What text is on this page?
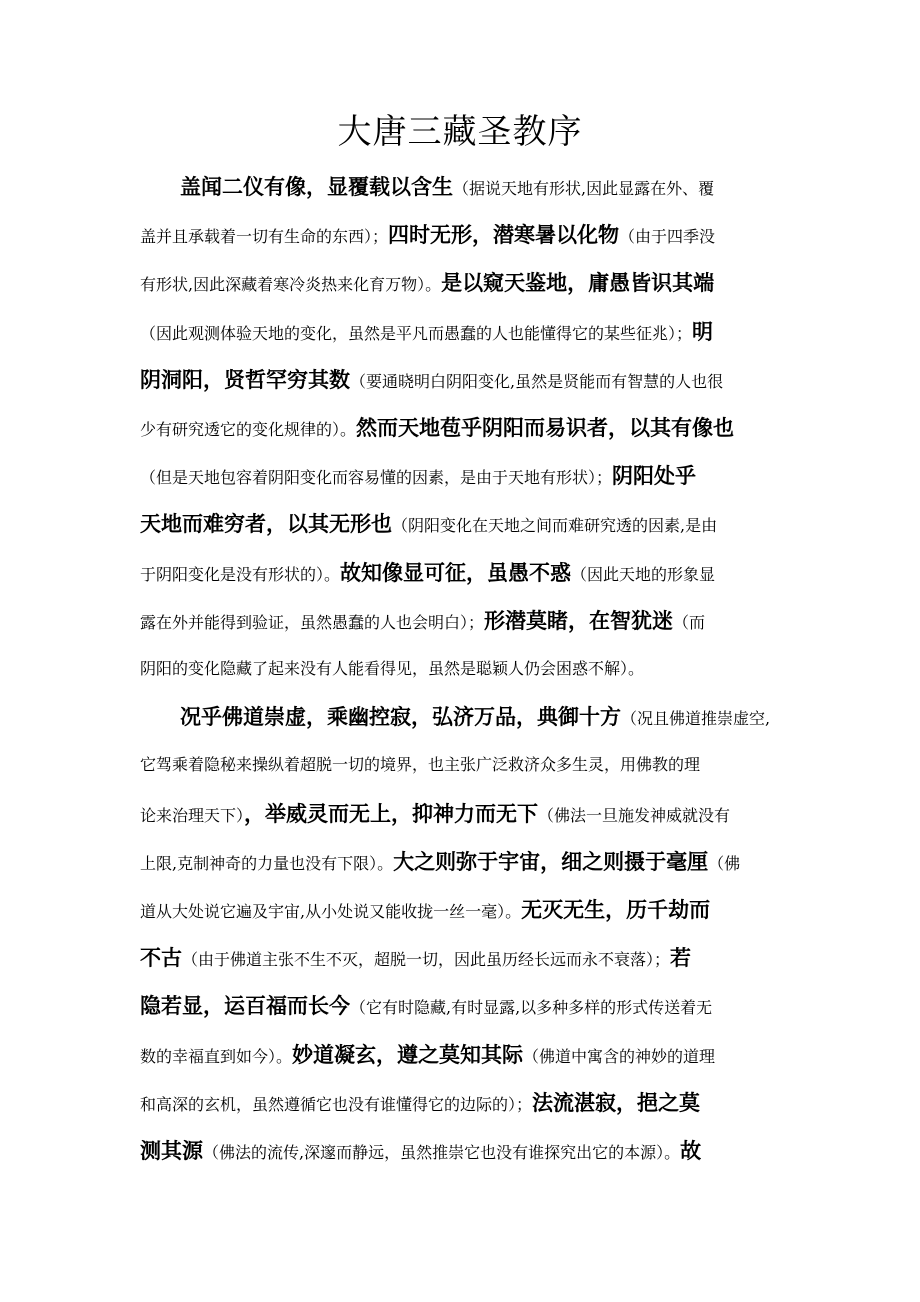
大唐三藏圣教序
盖闻二仪有像，显覆载以含生（据说天地有形状,因此显露在外、覆
盖并且承载着一切有生命的东西）；四时无形，潜寒暑以化物（由于四季没
有形状,因此深藏着寒冷炎热来化育万物）。是以窥天鉴地，庸愚皆识其端
（因此观测体验天地的变化，虽然是平凡而愚蠢的人也能懂得它的某些征兆）；明
阴洞阳，贤哲罕穷其数（要通晓明白阴阳变化,虽然是贤能而有智慧的人也很
少有研究透它的变化规律的）。然而天地苞乎阴阳而易识者，以其有像也
（但是天地包容着阴阳变化而容易懂的因素，是由于天地有形状）；阴阳处乎
天地而难穷者，以其无形也（阴阳变化在天地之间而难研究透的因素,是由
于阴阳变化是没有形状的）。故知像显可征，虽愚不惑（因此天地的形象显
露在外并能得到验证，虽然愚蠢的人也会明白）；形潜莫睹，在智犹迷（而
阴阳的变化隐藏了起来没有人能看得见，虽然是聪颖人仍会困惑不解）。
况乎佛道崇虚，乘幽控寂，弘济万品，典御十方（况且佛道推崇虚空,
它驾乘着隐秘来操纵着超脱一切的境界，也主张广泛救济众多生灵，用佛教的理
论来治理天下），举威灵而无上，抑神力而无下（佛法一旦施发神威就没有
上限,克制神奇的力量也没有下限）。大之则弥于宇宙，细之则摄于毫厘（佛
道从大处说它遍及宇宙,从小处说又能收拢一丝一毫）。无灭无生，历千劫而
不古（由于佛道主张不生不灭，超脱一切，因此虽历经长远而永不衰落）；若
隐若显，运百福而长今（它有时隐藏,有时显露,以多种多样的形式传送着无
数的幸福直到如今）。妙道凝玄，遵之莫知其际（佛道中寓含的神妙的道理
和高深的玄机，虽然遵循它也没有谁懂得它的边际的）；法流湛寂，挹之莫
测其源（佛法的流传,深邃而静远，虽然推崇它也没有谁探究出它的本源）。故
